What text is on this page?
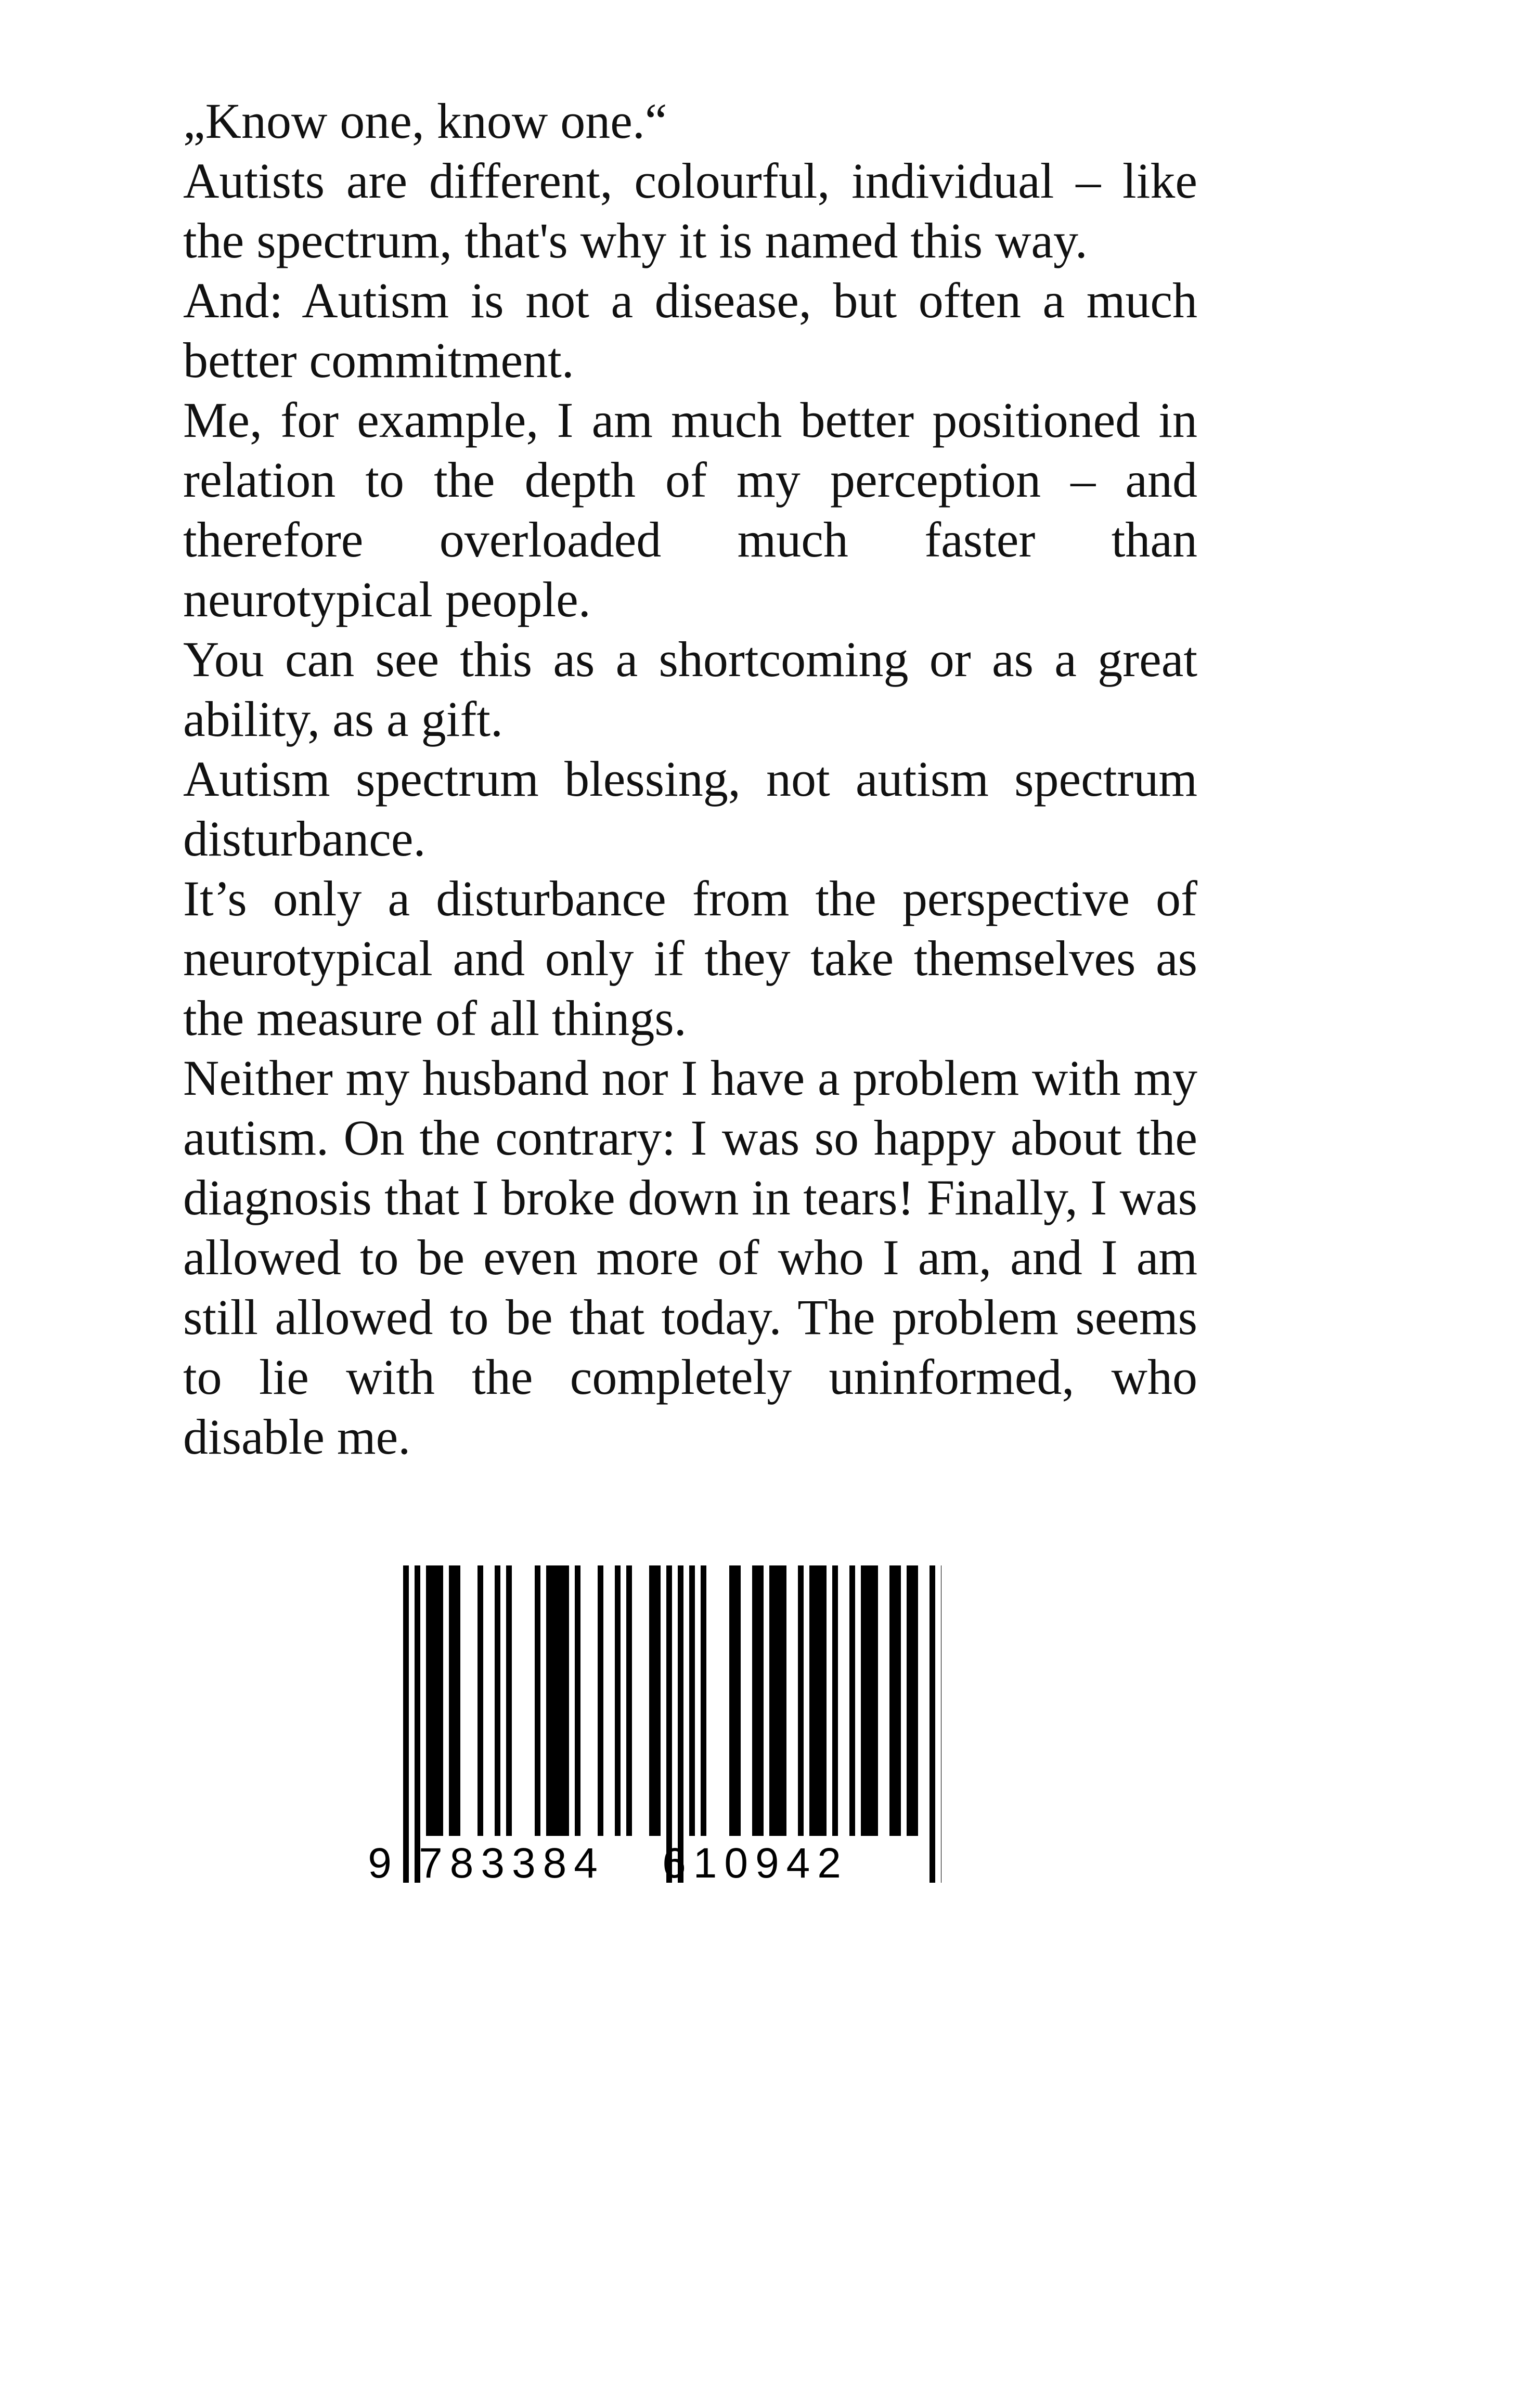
„Know one, know one.“

Autists are different, colourful, individual – like the spectrum, that's why it is named this way.

And: Autism is not a disease, but often a much better commitment.

Me, for example, I am much better positioned in relation to the depth of my perception – and therefore overloaded much faster than neurotypical people.

You can see this as a shortcoming or as a great ability, as a gift.

Autism spectrum blessing, not autism spectrum disturbance.

It’s only a disturbance from the perspective of neurotypical and only if they take themselves as the measure of all things.

Neither my husband nor I have a problem with my autism. On the contrary: I was so happy about the diagnosis that I broke down in tears! Finally, I was allowed to be even more of who I am, and I am still allowed to be that today. The problem seems to lie with the completely uninformed, who disable me.

9 783384 610942
